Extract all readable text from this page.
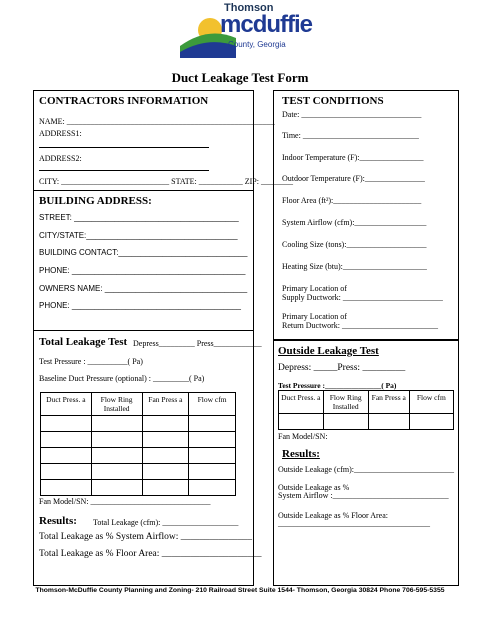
Thomson
mcduffie
County, Georgia
Duct Leakage Test Form
CONTRACTORS INFORMATION
NAME: ____________________________________________________
ADDRESS1:
ADDRESS2:
CITY: ___________________________ STATE: ___________ ZIP: ________
BUILDING ADDRESS:
STREET: _____________________________________
CITY/STATE:__________________________________
BUILDING CONTACT:_____________________________
PHONE: _______________________________________
OWNERS NAME: ________________________________
PHONE: ______________________________________
Total Leakage Test Depress_________ Press____________
Test Pressure : __________( Pa)
Baseline Duct Pressure (optional) : _________( Pa)
Duct Press. a	Flow Ring Installed	Fan Press a	Flow cfm

Fan Model/SN: ______________________________
Results: Total Leakage (cfm): ___________________
Total Leakage as % System Airflow: _______________
Total Leakage as % Floor Area: _____________________
TEST CONDITIONS
Date: ______________________________
Time: _____________________________
Indoor Temperature (F):________________
Outdoor Temperature (F):_______________
Floor Area (ft²):______________________
System Airflow (cfm):__________________
Cooling Size (tons):____________________
Heating Size (btu):_____________________
Primary Location of
Supply Ductwork: _________________________
Primary Location of
Return Ductwork: ________________________
Outside Leakage Test
Depress: _____Press: _________
Test Pressure :_______________( Pa)
Duct Press. a	Flow Ring Installed	Fan Press a	Flow cfm

Fan Model/SN:
Results:
Outside Leakage (cfm):_________________________
Outside Leakage as %
System Airflow :_____________________________
Outside Leakage as % Floor Area:
______________________________________
Thomson-McDuffie County Planning and Zoning- 210 Railroad Street Suite 1544- Thomson, Georgia 30824 Phone 706-595-5355
